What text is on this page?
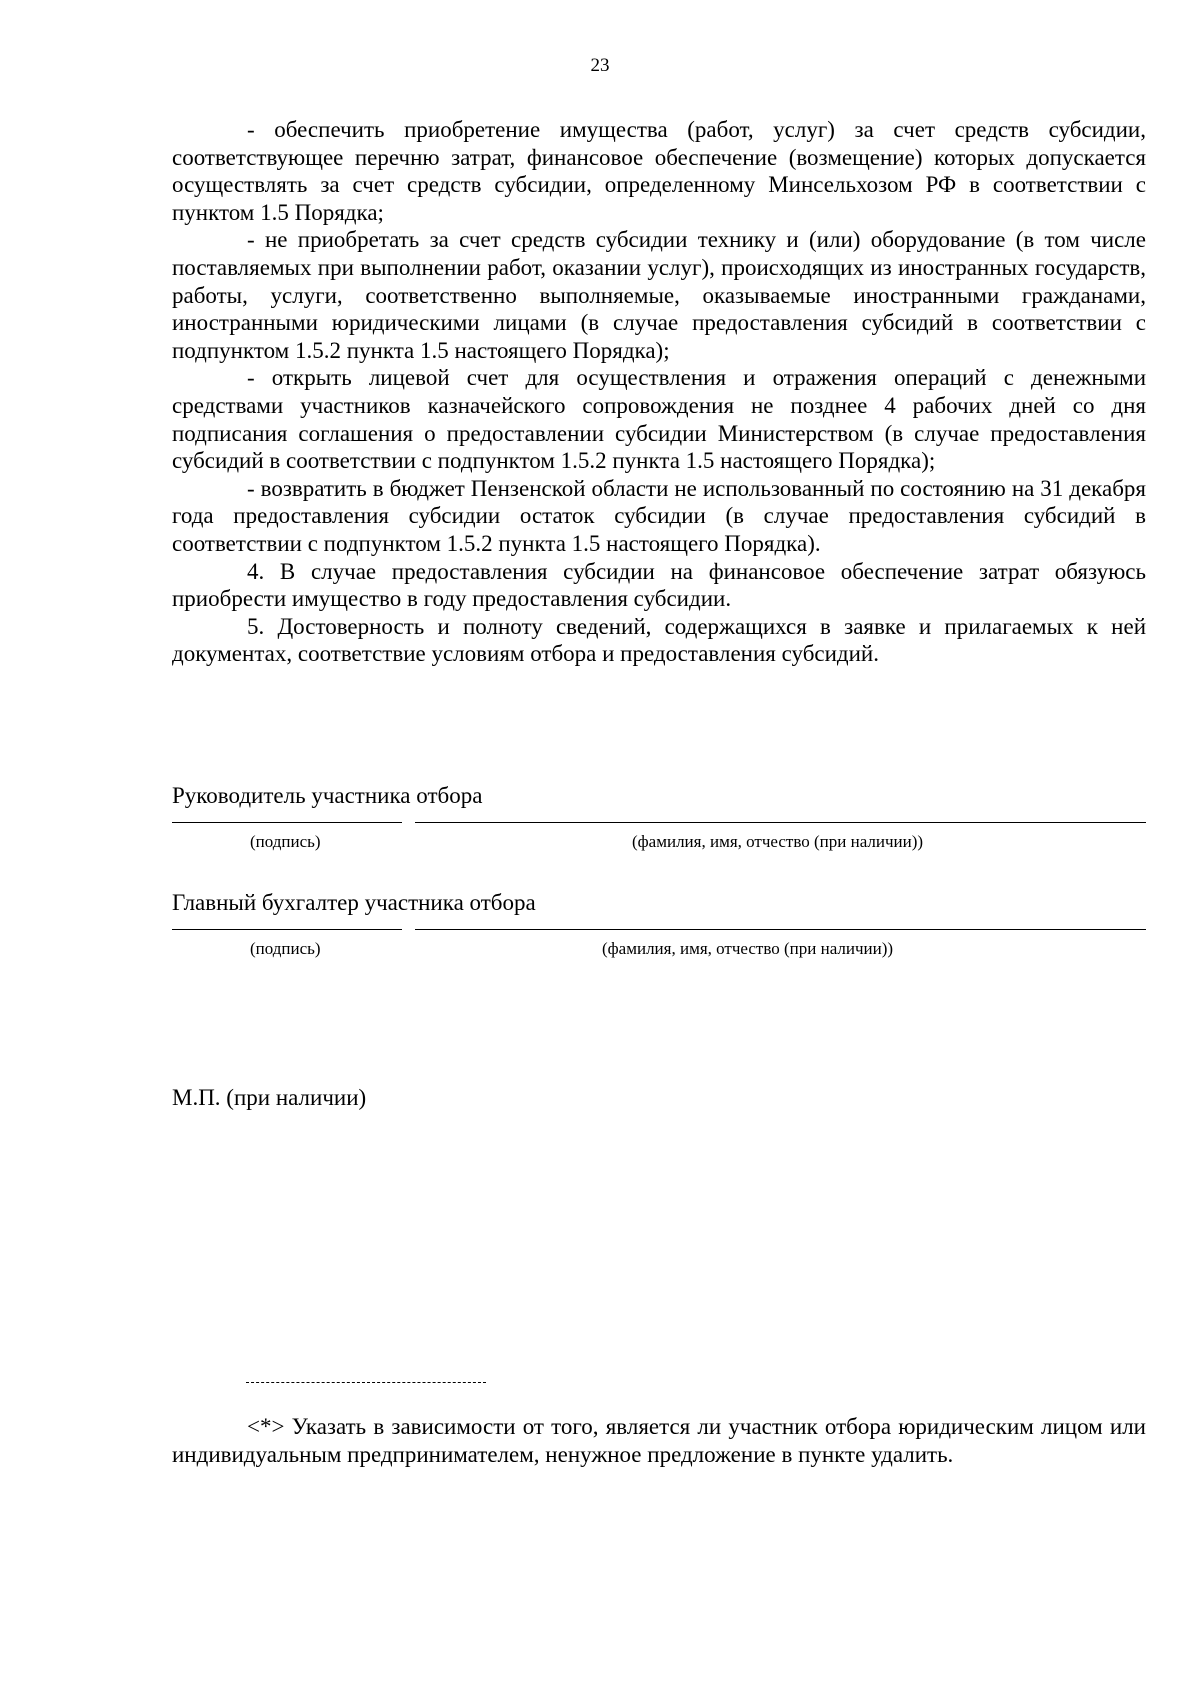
23

- обеспечить приобретение имущества (работ, услуг) за счет средств субсидии, соответствующее перечню затрат, финансовое обеспечение (возмещение) которых допускается осуществлять за счет средств субсидии, определенному Минсельхозом РФ в соответствии с пунктом 1.5 Порядка;

- не приобретать за счет средств субсидии технику и (или) оборудование (в том числе поставляемых при выполнении работ, оказании услуг), происходящих из иностранных государств, работы, услуги, соответственно выполняемые, оказываемые иностранными гражданами, иностранными юридическими лицами (в случае предоставления субсидий в соответствии с подпунктом 1.5.2 пункта 1.5 настоящего Порядка);

- открыть лицевой счет для осуществления и отражения операций с денежными средствами участников казначейского сопровождения не позднее 4 рабочих дней со дня подписания соглашения о предоставлении субсидии Министерством (в случае предоставления субсидий в соответствии с подпунктом 1.5.2 пункта 1.5 настоящего Порядка);

- возвратить в бюджет Пензенской области не использованный по состоянию на 31 декабря года предоставления субсидии остаток субсидии (в случае предоставления субсидий в соответствии с подпунктом 1.5.2 пункта 1.5 настоящего Порядка).

4. В случае предоставления субсидии на финансовое обеспечение затрат обязуюсь приобрести имущество в году предоставления субсидии.

5. Достоверность и полноту сведений, содержащихся в заявке и прилагаемых к ней документах, соответствие условиям отбора и предоставления субсидий.

Руководитель участника отбора

(подпись)	(фамилия, имя, отчество (при наличии))

Главный бухгалтер участника отбора

(подпись)	(фамилия, имя, отчество (при наличии))
М.П. (при наличии)

<*> Указать в зависимости от того, является ли участник отбора юридическим лицом или индивидуальным предпринимателем, ненужное предложение в пункте удалить.
